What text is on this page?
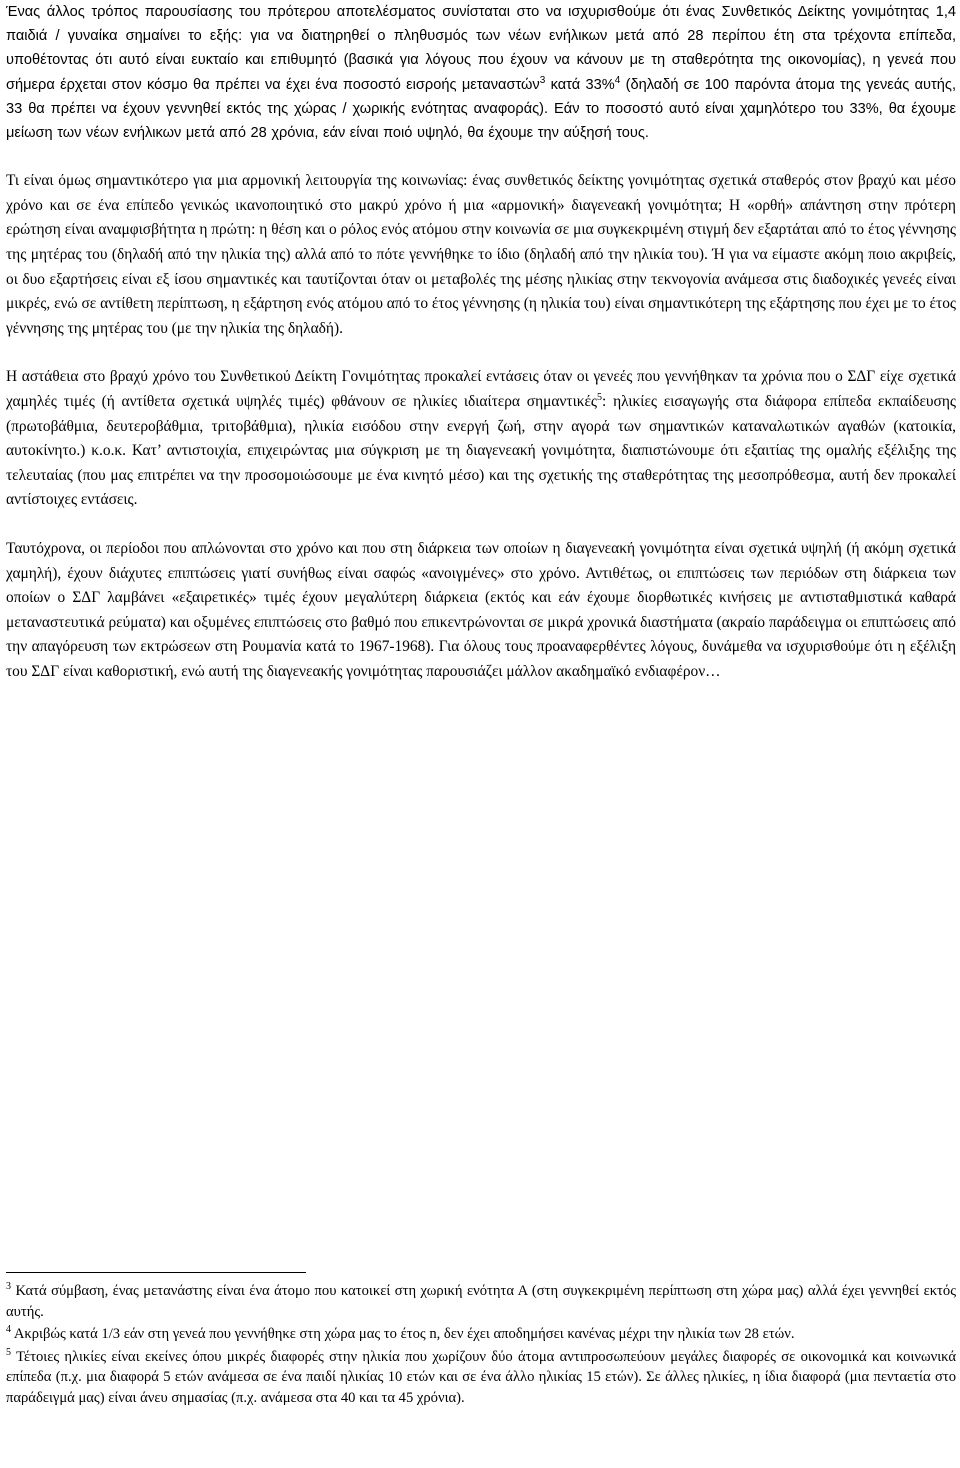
Ένας άλλος τρόπος παρουσίασης του πρότερου αποτελέσματος συνίσταται στο να ισχυρισθούμε ότι ένας Συνθετικός Δείκτης γονιμότητας 1,4 παιδιά / γυναίκα σημαίνει το εξής: για να διατηρηθεί ο πληθυσμός των νέων ενήλικων μετά από 28 περίπου έτη στα τρέχοντα επίπεδα, υποθέτοντας ότι αυτό είναι ευκταίο και επιθυμητό (βασικά για λόγους που έχουν να κάνουν με τη σταθερότητα της οικονομίας), η γενεά που σήμερα έρχεται στον κόσμο θα πρέπει να έχει ένα ποσοστό εισροής μεταναστών$^3$ κατά 33%$^4$ (δηλαδή σε 100 παρόντα άτομα της γενεάς αυτής, 33 θα πρέπει να έχουν γεννηθεί εκτός της χώρας / χωρικής ενότητας αναφοράς). Εάν το ποσοστό αυτό είναι χαμηλότερο του 33%, θα έχουμε μείωση των νέων ενήλικων μετά από 28 χρόνια, εάν είναι ποιό υψηλό, θα έχουμε την αύξησή τους.

Τι είναι όμως σημαντικότερο για μια αρμονική λειτουργία της κοινωνίας: ένας συνθετικός δείκτης γονιμότητας σχετικά σταθερός στον βραχύ και μέσο χρόνο και σε ένα επίπεδο γενικώς ικανοποιητικό στο μακρύ χρόνο ή μια «αρμονική» διαγενεακή γονιμότητα; Η «ορθή» απάντηση στην πρότερη ερώτηση είναι αναμφισβήτητα η πρώτη: η θέση και ο ρόλος ενός ατόμου στην κοινωνία σε μια συγκεκριμένη στιγμή δεν εξαρτάται από το έτος γέννησης της μητέρας του (δηλαδή από την ηλικία της) αλλά από το πότε γεννήθηκε το ίδιο (δηλαδή από την ηλικία του). Ή για να είμαστε ακόμη ποιο ακριβείς, οι δυο εξαρτήσεις είναι εξ ίσου σημαντικές και ταυτίζονται όταν οι μεταβολές της μέσης ηλικίας στην τεκνογονία ανάμεσα στις διαδοχικές γενεές είναι μικρές, ενώ σε αντίθετη περίπτωση, η εξάρτηση ενός ατόμου από το έτος γέννησης (η ηλικία του) είναι σημαντικότερη της εξάρτησης που έχει με το έτος γέννησης της μητέρας του (με την ηλικία της δηλαδή).

Η αστάθεια στο βραχύ χρόνο του Συνθετικού Δείκτη Γονιμότητας προκαλεί εντάσεις όταν οι γενεές που γεννήθηκαν τα χρόνια που ο ΣΔΓ είχε σχετικά χαμηλές τιμές (ή αντίθετα σχετικά υψηλές τιμές) φθάνουν σε ηλικίες ιδιαίτερα σημαντικές$^5$: ηλικίες εισαγωγής στα διάφορα επίπεδα εκπαίδευσης (πρωτοβάθμια, δευτεροβάθμια, τριτοβάθμια), ηλικία εισόδου στην ενεργή ζωή, στην αγορά των σημαντικών καταναλωτικών αγαθών (κατοικία, αυτοκίνητο.) κ.ο.κ. Κατ’ αντιστοιχία, επιχειρώντας μια σύγκριση με τη διαγενεακή γονιμότητα, διαπιστώνουμε ότι εξαιτίας της ομαλής εξέλιξης της τελευταίας (που μας επιτρέπει να την προσομοιώσουμε με ένα κινητό μέσο) και της σχετικής της σταθερότητας της μεσοπρόθεσμα, αυτή δεν προκαλεί αντίστοιχες εντάσεις.

Ταυτόχρονα, οι περίοδοι που απλώνονται στο χρόνο και που στη διάρκεια των οποίων η διαγενεακή γονιμότητα είναι σχετικά υψηλή (ή ακόμη σχετικά χαμηλή), έχουν διάχυτες επιπτώσεις γιατί συνήθως είναι σαφώς «ανοιγμένες» στο χρόνο. Αντιθέτως, οι επιπτώσεις των περιόδων στη διάρκεια των οποίων ο ΣΔΓ λαμβάνει «εξαιρετικές» τιμές έχουν μεγαλύτερη διάρκεια (εκτός και εάν έχουμε διορθωτικές κινήσεις με αντισταθμιστικά καθαρά μεταναστευτικά ρεύματα) και οξυμένες επιπτώσεις στο βαθμό που επικεντρώνονται σε μικρά χρονικά διαστήματα (ακραίο παράδειγμα οι επιπτώσεις από την απαγόρευση των εκτρώσεων στη Ρουμανία κατά το 1967-1968). Για όλους τους προαναφερθέντες λόγους, δυνάμεθα να ισχυρισθούμε ότι η εξέλιξη του ΣΔΓ είναι καθοριστική, ενώ αυτή της διαγενεακής γονιμότητας παρουσιάζει μάλλον ακαδημαϊκό ενδιαφέρον…

$^3$ Κατά σύμβαση, ένας μετανάστης είναι ένα άτομο που κατοικεί στη χωρική ενότητα Α (στη συγκεκριμένη περίπτωση στη χώρα μας) αλλά έχει γεννηθεί εκτός αυτής.

$^4$ Ακριβώς κατά 1/3 εάν στη γενεά που γεννήθηκε στη χώρα μας το έτος n, δεν έχει αποδημήσει κανένας μέχρι την ηλικία των 28 ετών.

$^5$ Τέτοιες ηλικίες είναι εκείνες όπου μικρές διαφορές στην ηλικία που χωρίζουν δύο άτομα αντιπροσωπεύουν μεγάλες διαφορές σε οικονομικά και κοινωνικά επίπεδα (π.χ. μια διαφορά 5 ετών ανάμεσα σε ένα παιδί ηλικίας 10 ετών και σε ένα άλλο ηλικίας 15 ετών). Σε άλλες ηλικίες, η ίδια διαφορά (μια πενταετία στο παράδειγμά μας) είναι άνευ σημασίας (π.χ. ανάμεσα στα 40 και τα 45 χρόνια).
